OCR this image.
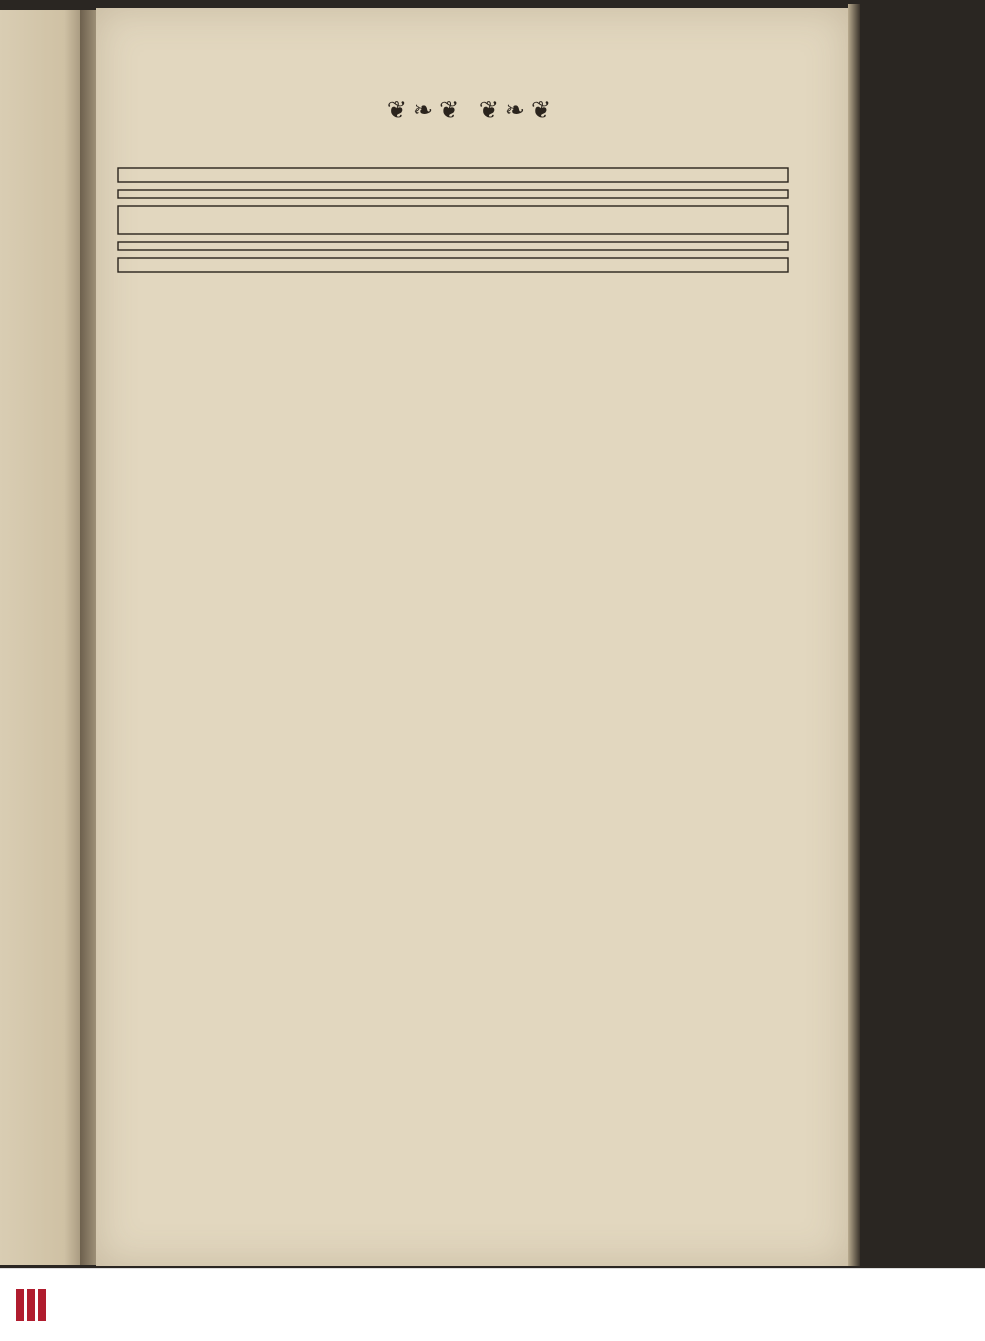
❦❧❦ ❦❧❦
